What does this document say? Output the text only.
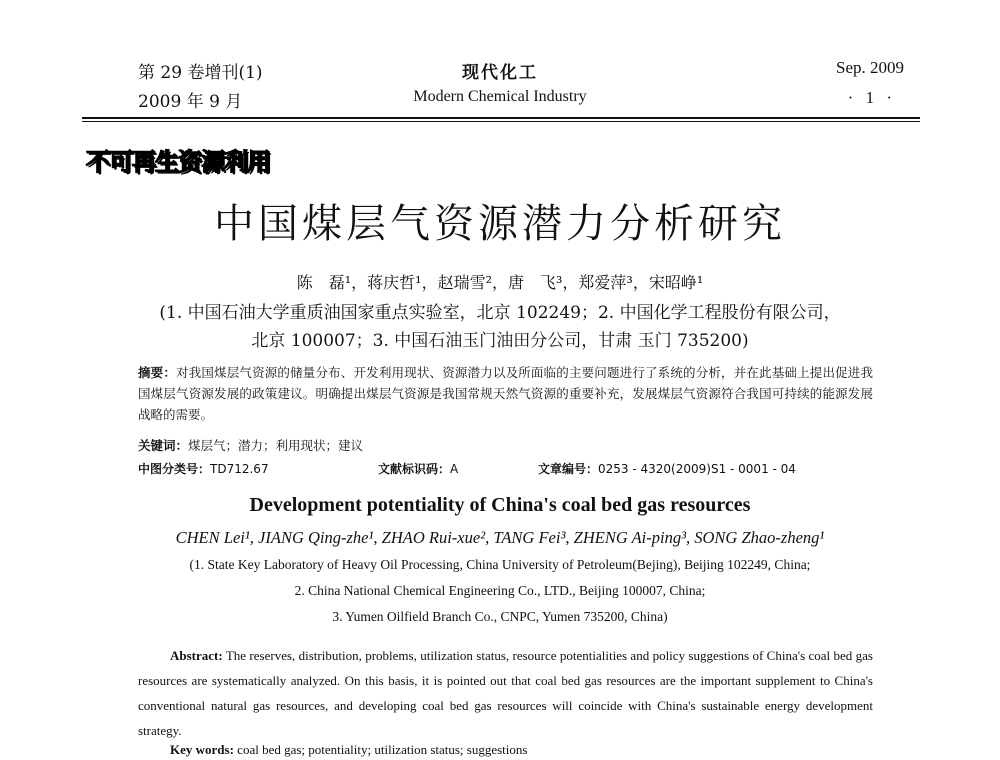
第 29 卷增刊(1)
2009 年 9 月
现代化工
Modern Chemical Industry
Sep. 2009
· 1 ·
不可再生资源利用
中国煤层气资源潜力分析研究
陈　磊¹，蒋庆哲¹，赵瑞雪²，唐　飞³，郑爱萍³，宋昭峥¹
(1. 中国石油大学重质油国家重点实验室，北京 102249；2. 中国化学工程股份有限公司，
北京 100007；3. 中国石油玉门油田分公司，甘肃 玉门 735200)
摘要：对我国煤层气资源的储量分布、开发利用现状、资源潜力以及所面临的主要问题进行了系统的分析，并在此基础上提出促进我国煤层气资源发展的政策建议。明确提出煤层气资源是我国常规天然气资源的重要补充，发展煤层气资源符合我国可持续的能源发展战略的需要。
关键词：煤层气；潜力；利用现状；建议
中图分类号：TD712.67	文献标识码：A	文章编号：0253 - 4320(2009)S1 - 0001 - 04
Development potentiality of China's coal bed gas resources
CHEN Lei¹, JIANG Qing-zhe¹, ZHAO Rui-xue², TANG Fei³, ZHENG Ai-ping³, SONG Zhao-zheng¹
(1. State Key Laboratory of Heavy Oil Processing, China University of Petroleum(Bejing), Beijing 102249, China;
2. China National Chemical Engineering Co., LTD., Beijing 100007, China;
3. Yumen Oilfield Branch Co., CNPC, Yumen 735200, China)
Abstract: The reserves, distribution, problems, utilization status, resource potentialities and policy suggestions of China's coal bed gas resources are systematically analyzed. On this basis, it is pointed out that coal bed gas resources are the important supplement to China's conventional natural gas resources, and developing coal bed gas resources will coincide with China's sustainable energy development strategy.
Key words: coal bed gas; potentiality; utilization status; suggestions
